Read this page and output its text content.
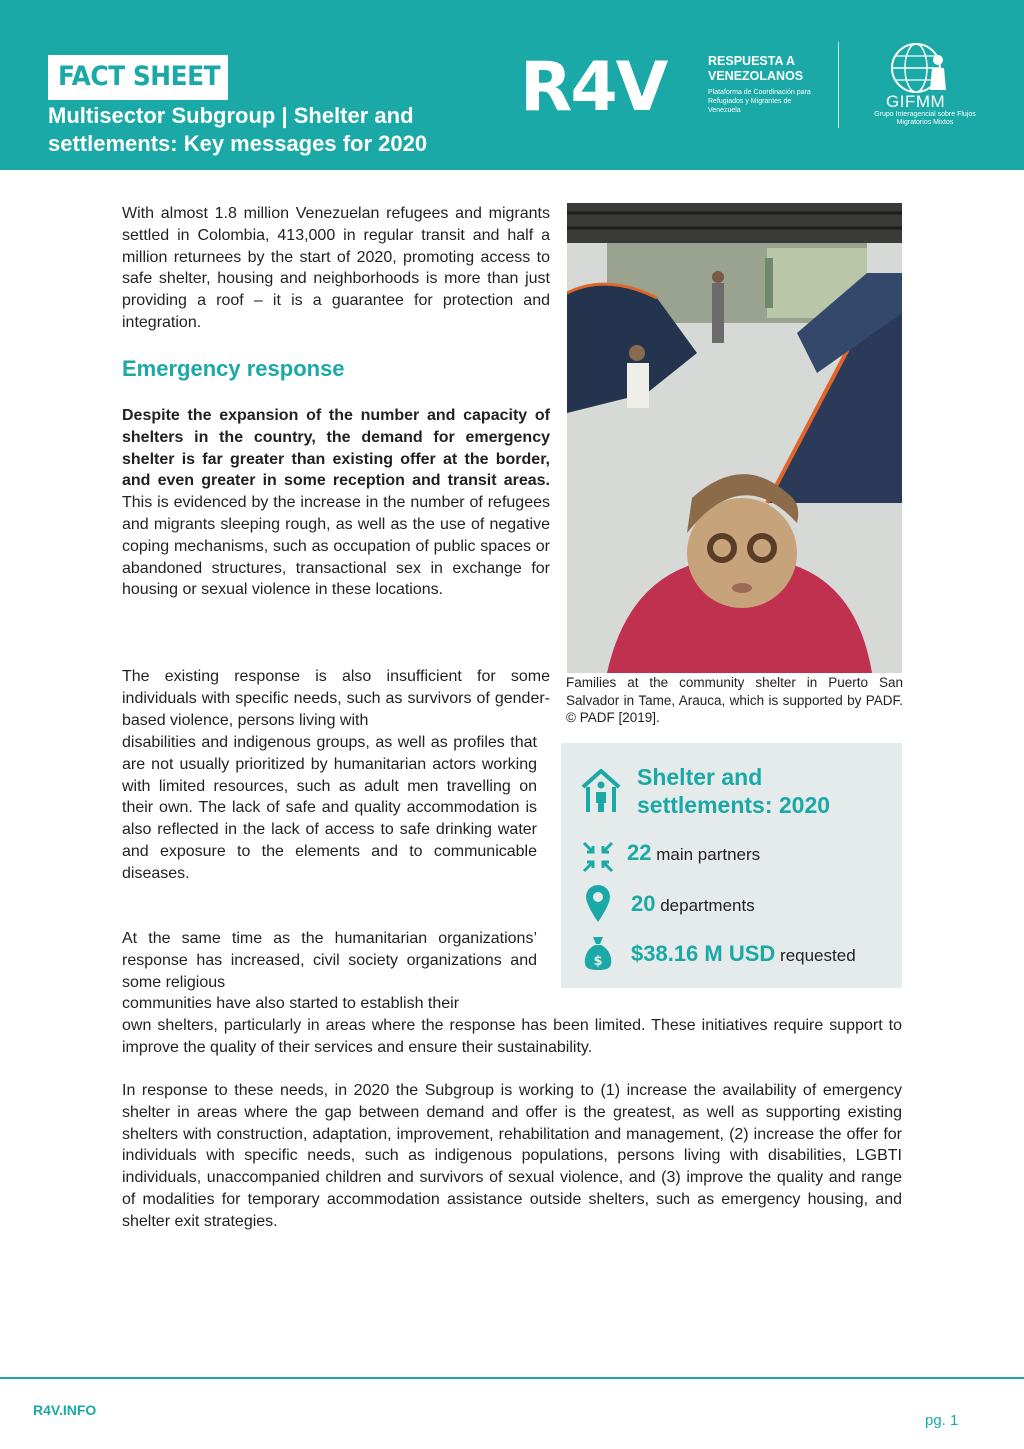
FACT SHEET
Multisector Subgroup | Shelter and
settlements: Key messages for 2020
R4V	RESPUESTA A
VENEZOLANOS
Plataforma de Coordinación para Refugiados y Migrantes de Venezuela	GIFMM
Grupo Interagencial sobre Flujos Migratorios Mixtos

With almost 1.8 million Venezuelan refugees and migrants settled in Colombia, 413,000 in regular transit and half a million returnees by the start of 2020, promoting access to safe shelter, housing and neighborhoods is more than just providing a roof – it is a guarantee for protection and integration.

Emergency response

Despite the expansion of the number and capacity of shelters in the country, the demand for emergency shelter is far greater than existing offer at the border, and even greater in some reception and transit areas. This is evidenced by the increase in the number of refugees and migrants sleeping rough, as well as the use of negative coping mechanisms, such as occupation of public spaces or abandoned structures, transactional sex in exchange for housing or sexual violence in these locations.

The existing response is also insufficient for some individuals with specific needs, such as survivors of gender-based violence, persons living with

disabilities and indigenous groups, as well as profiles that are not usually prioritized by humanitarian actors working with limited resources, such as adult men travelling on their own. The lack of safe and quality accommodation is also reflected in the lack of access to safe drinking water and exposure to the elements and to communicable diseases.

At the same time as the humanitarian organizations’ response has increased, civil society organizations and some religious

communities have also started to establish their

own shelters, particularly in areas where the response has been limited. These initiatives require support to improve the quality of their services and ensure their sustainability.

In response to these needs, in 2020 the Subgroup is working to (1) increase the availability of emergency shelter in areas where the gap between demand and offer is the greatest, as well as supporting existing shelters with construction, adaptation, improvement, rehabilitation and management, (2) increase the offer for individuals with specific needs, such as indigenous populations, persons living with disabilities, LGBTI individuals, unaccompanied children and survivors of sexual violence, and (3) improve the quality and range of modalities for temporary accommodation assistance outside shelters, such as emergency housing, and shelter exit strategies.

Families at the community shelter in Puerto San Salvador in Tame, Arauca, which is supported by PADF. © PADF [2019].

Shelter and
settlements: 2020
22 main partners
20 departments
$ $38.16 M USD requested
R4V.INFO
pg. 1
